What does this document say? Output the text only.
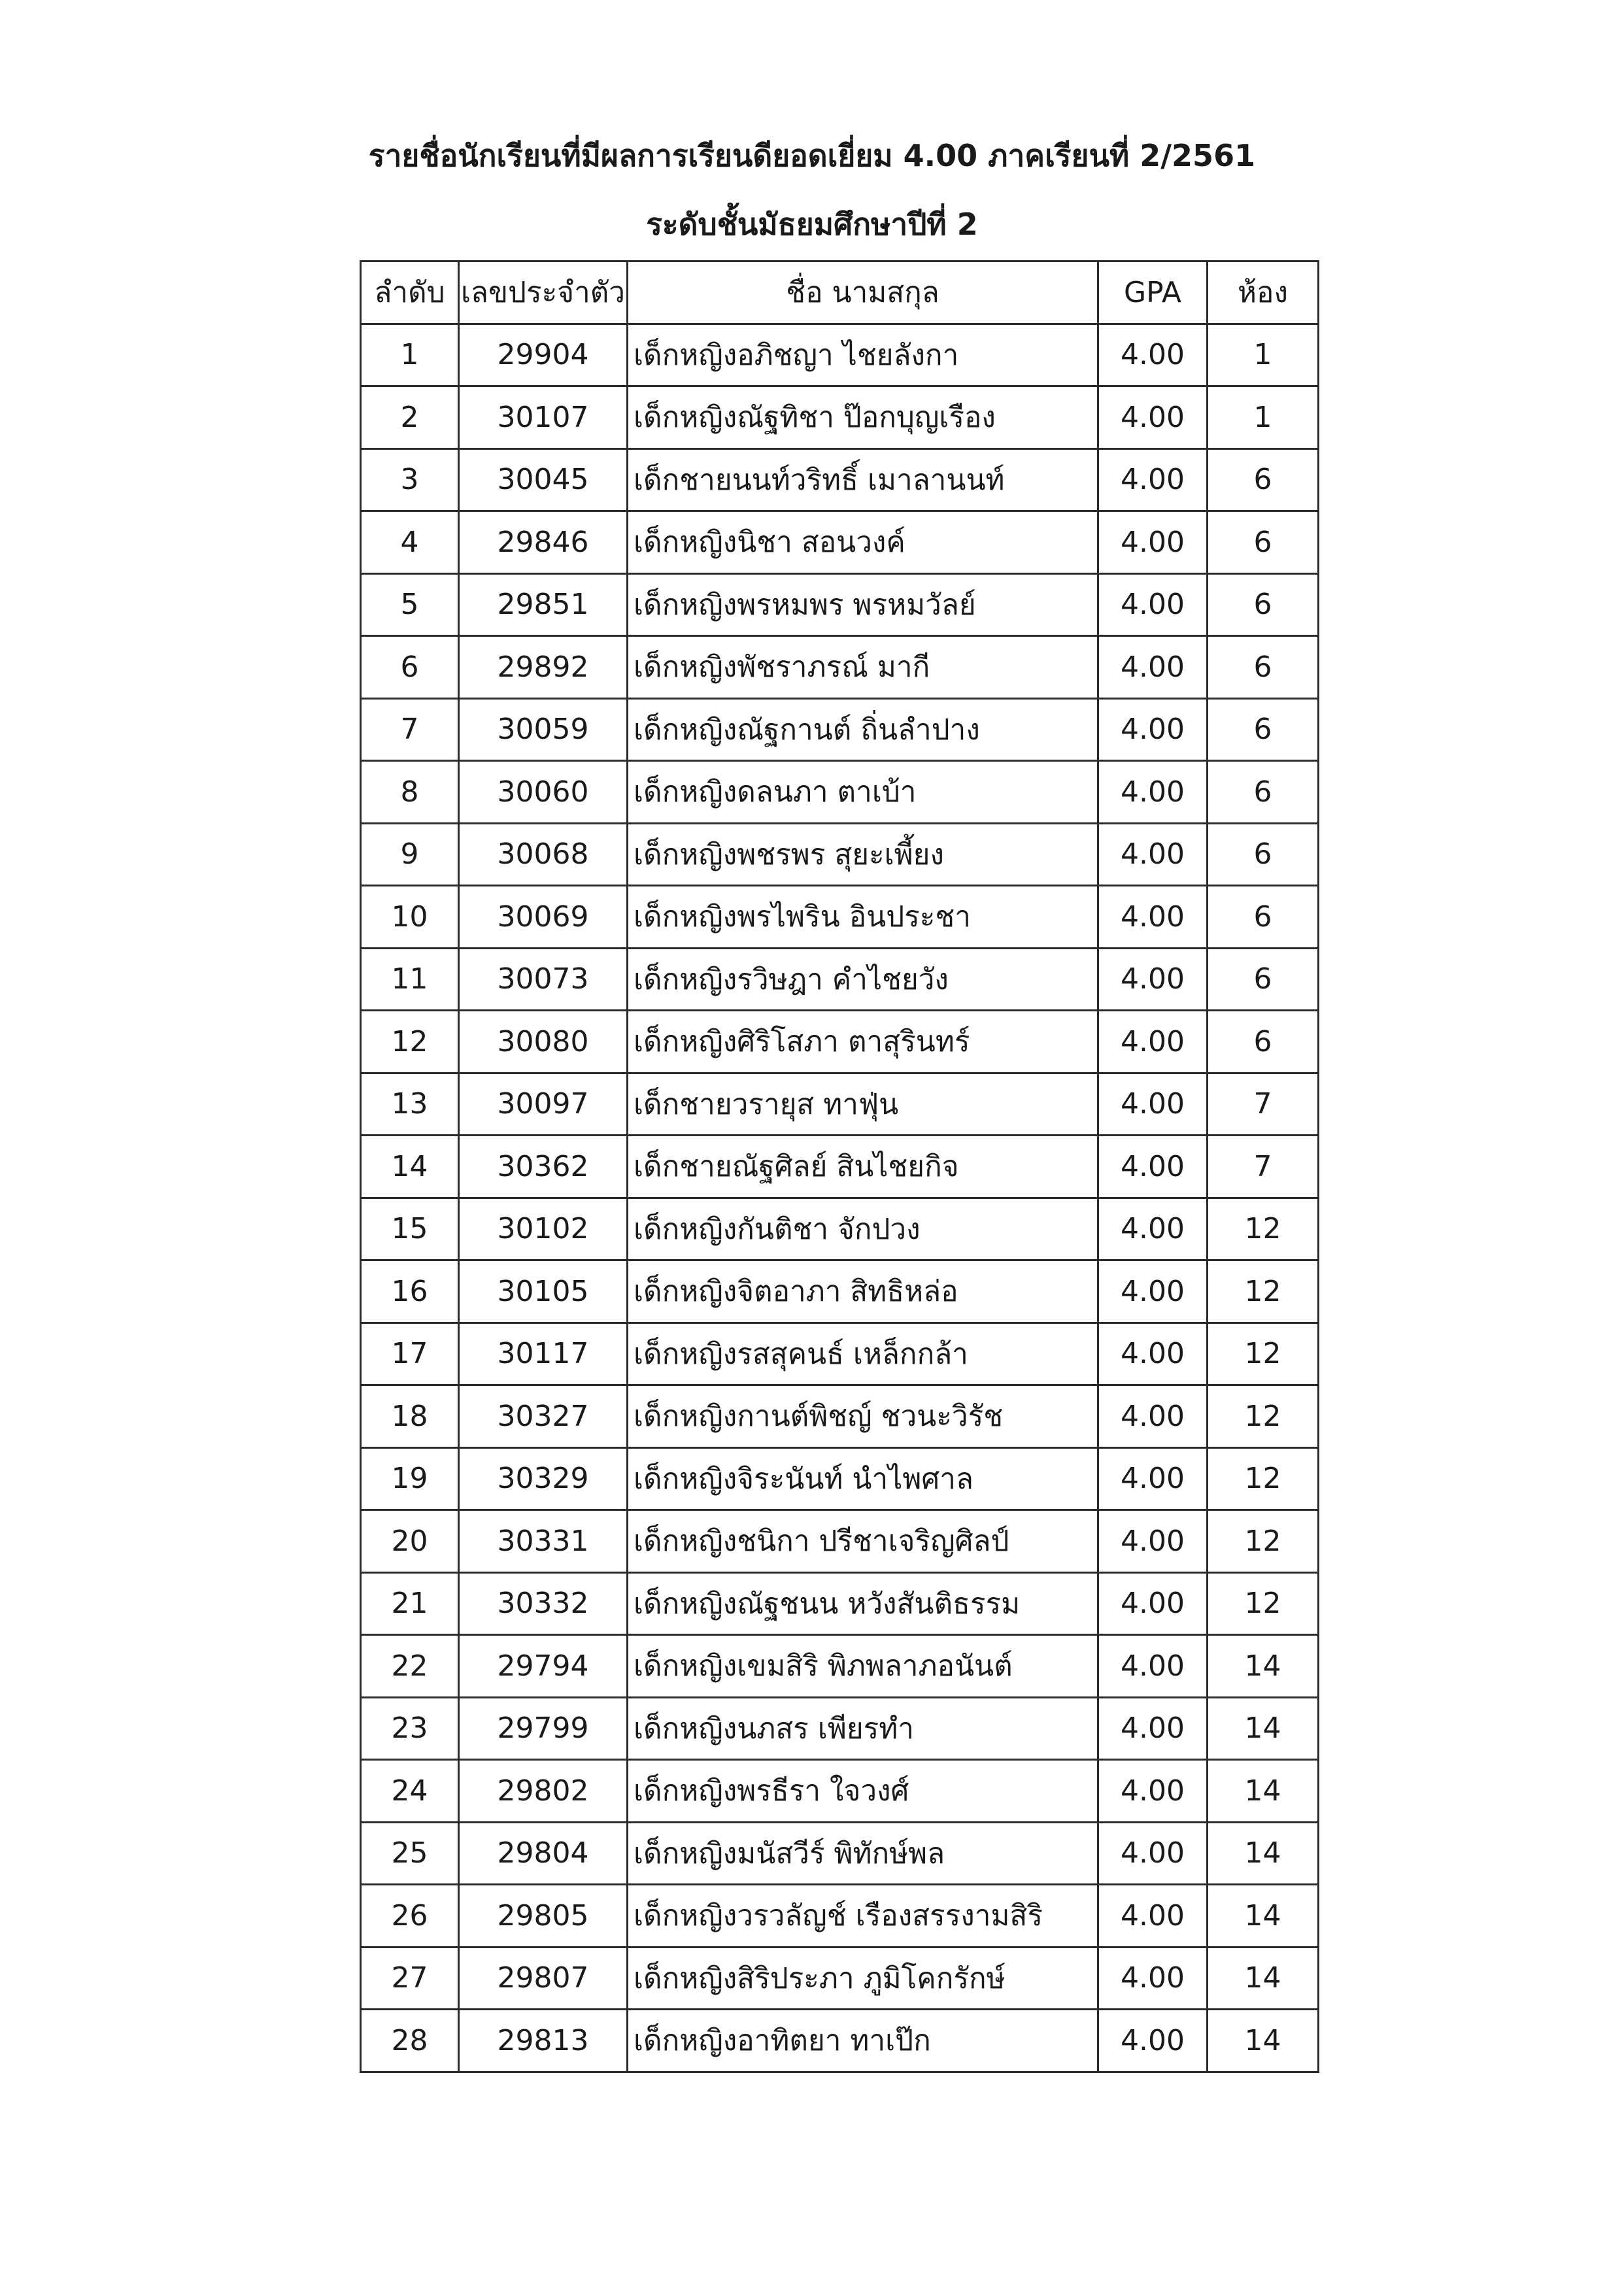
รายชื่อนักเรียนที่มีผลการเรียนดียอดเยี่ยม 4.00 ภาคเรียนที่ 2/2561
ระดับชั้นมัธยมศึกษาปีที่ 2
ลำดับ	เลขประจำตัว	ชื่อ นามสกุล	GPA	ห้อง
1	29904	เด็กหญิงอภิชญา ไชยลังกา	4.00	1
2	30107	เด็กหญิงณัฐทิชา ป๊อกบุญเรือง	4.00	1
3	30045	เด็กชายนนท์วริทธิ์ เมาลานนท์	4.00	6
4	29846	เด็กหญิงนิชา สอนวงค์	4.00	6
5	29851	เด็กหญิงพรหมพร พรหมวัลย์	4.00	6
6	29892	เด็กหญิงพัชราภรณ์ มากี	4.00	6
7	30059	เด็กหญิงณัฐกานต์ ถิ่นลำปาง	4.00	6
8	30060	เด็กหญิงดลนภา ตาเบ้า	4.00	6
9	30068	เด็กหญิงพชรพร สุยะเพี้ยง	4.00	6
10	30069	เด็กหญิงพรไพริน อินประชา	4.00	6
11	30073	เด็กหญิงรวิษฎา คำไชยวัง	4.00	6
12	30080	เด็กหญิงศิริโสภา ตาสุรินทร์	4.00	6
13	30097	เด็กชายวรายุส ทาฟุ่น	4.00	7
14	30362	เด็กชายณัฐศิลย์ สินไชยกิจ	4.00	7
15	30102	เด็กหญิงกันติชา จักปวง	4.00	12
16	30105	เด็กหญิงจิตอาภา สิทธิหล่อ	4.00	12
17	30117	เด็กหญิงรสสุคนธ์ เหล็กกล้า	4.00	12
18	30327	เด็กหญิงกานต์พิชญ์ ชวนะวิรัช	4.00	12
19	30329	เด็กหญิงจิระนันท์ นำไพศาล	4.00	12
20	30331	เด็กหญิงชนิกา ปรีชาเจริญศิลป์	4.00	12
21	30332	เด็กหญิงณัฐชนน หวังสันติธรรม	4.00	12
22	29794	เด็กหญิงเขมสิริ พิภพลาภอนันต์	4.00	14
23	29799	เด็กหญิงนภสร เพียรทำ	4.00	14
24	29802	เด็กหญิงพรธีรา ใจวงศ์	4.00	14
25	29804	เด็กหญิงมนัสวีร์ พิทักษ์พล	4.00	14
26	29805	เด็กหญิงวรวลัญช์ เรืองสรรงามสิริ	4.00	14
27	29807	เด็กหญิงสิริประภา ภูมิโคกรักษ์	4.00	14
28	29813	เด็กหญิงอาทิตยา ทาเป๊ก	4.00	14
